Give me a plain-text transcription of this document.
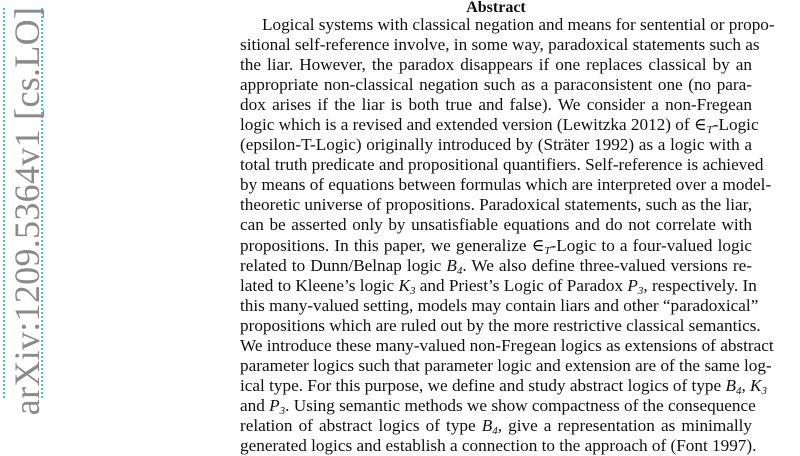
arXiv:1209.5364v1 [cs.LO]	Abstract
Logical systems with classical negation and means for sentential or propo-
sitional self-reference involve, in some way, paradoxical statements such as
the liar. However, the paradox disappears if one replaces classical by an
appropriate non-classical negation such as a paraconsistent one (no para-
dox arises if the liar is both true and false). We consider a non-Fregean
logic which is a revised and extended version (Lewitzka 2012) of $\in_T$-Logic
(epsilon-T-Logic) originally introduced by (Sträter 1992) as a logic with a
total truth predicate and propositional quantifiers. Self-reference is achieved
by means of equations between formulas which are interpreted over a model-
theoretic universe of propositions. Paradoxical statements, such as the liar,
can be asserted only by unsatisfiable equations and do not correlate with
propositions. In this paper, we generalize $\in_T$-Logic to a four-valued logic
related to Dunn/Belnap logic $B_4$. We also define three-valued versions re-
lated to Kleene’s logic $K_3$ and Priest’s Logic of Paradox $P_3$, respectively. In
this many-valued setting, models may contain liars and other “paradoxical”
propositions which are ruled out by the more restrictive classical semantics.
We introduce these many-valued non-Fregean logics as extensions of abstract
parameter logics such that parameter logic and extension are of the same log-
ical type. For this purpose, we define and study abstract logics of type $B_4$, $K_3$
and $P_3$. Using semantic methods we show compactness of the consequence
relation of abstract logics of type $B_4$, give a representation as minimally
generated logics and establish a connection to the approach of (Font 1997).
